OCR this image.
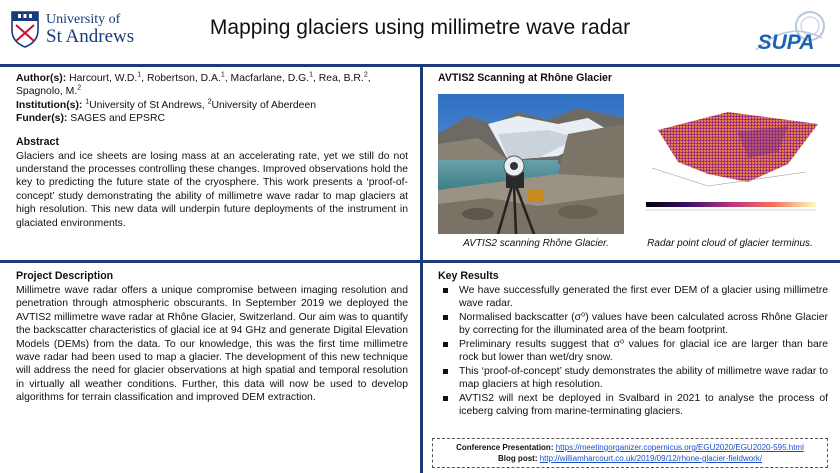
University of
St Andrews	Mapping glaciers using millimetre wave radar
SUPA
Author(s): Harcourt, W.D.$^1$, Robertson, D.A.$^1$, Macfarlane, D.G.$^1$, Rea, B.R.$^2$, Spagnolo, M.$^2$
Institution(s): $^1$University of St Andrews, $^2$University of Aberdeen
Funder(s): SAGES and EPSRC
Abstract
Glaciers and ice sheets are losing mass at an accelerating rate, yet we still do not understand the processes controlling these changes. Improved observations hold the key to predicting the future state of the cryosphere. This work presents a ‘proof-of-concept’ study demonstrating the ability of millimetre wave radar to map glaciers at high resolution. This new data will underpin future deployments of the instrument in glaciated environments.
AVTIS2 Scanning at Rhône Glacier
AVTIS2 scanning Rhône Glacier.	Radar point cloud of glacier terminus.
Project Description
Millimetre wave radar offers a unique compromise between imaging resolution and penetration through atmospheric obscurants. In September 2019 we deployed the AVTIS2 millimetre wave radar at Rhône Glacier, Switzerland. Our aim was to quantify the backscatter characteristics of glacial ice at 94 GHz and generate Digital Elevation Models (DEMs) from the data. To our knowledge, this was the first time millimetre wave radar had been used to map a glacier. The development of this new technique will address the need for glacier observations at high spatial and temporal resolution in virtually all weather conditions. Further, this data will now be used to develop algorithms for terrain classification and improved DEM extraction.
Key Results
We have successfully generated the first ever DEM of a glacier using millimetre wave radar.
Normalised backscatter (σ⁰) values have been calculated across Rhône Glacier by correcting for the illuminated area of the beam footprint.
Preliminary results suggest that σ⁰ values for glacial ice are larger than bare rock but lower than wet/dry snow.
This ‘proof-of-concept’ study demonstrates the ability of millimetre wave radar to map glaciers at high resolution.
AVTIS2 will next be deployed in Svalbard in 2021 to analyse the process of iceberg calving from marine-terminating glaciers.
Conference Presentation: https://meetingorganizer.copernicus.org/EGU2020/EGU2020-595.html
Blog post: http://williamharcourt.co.uk/2019/09/12/rhone-glacier-fieldwork/
